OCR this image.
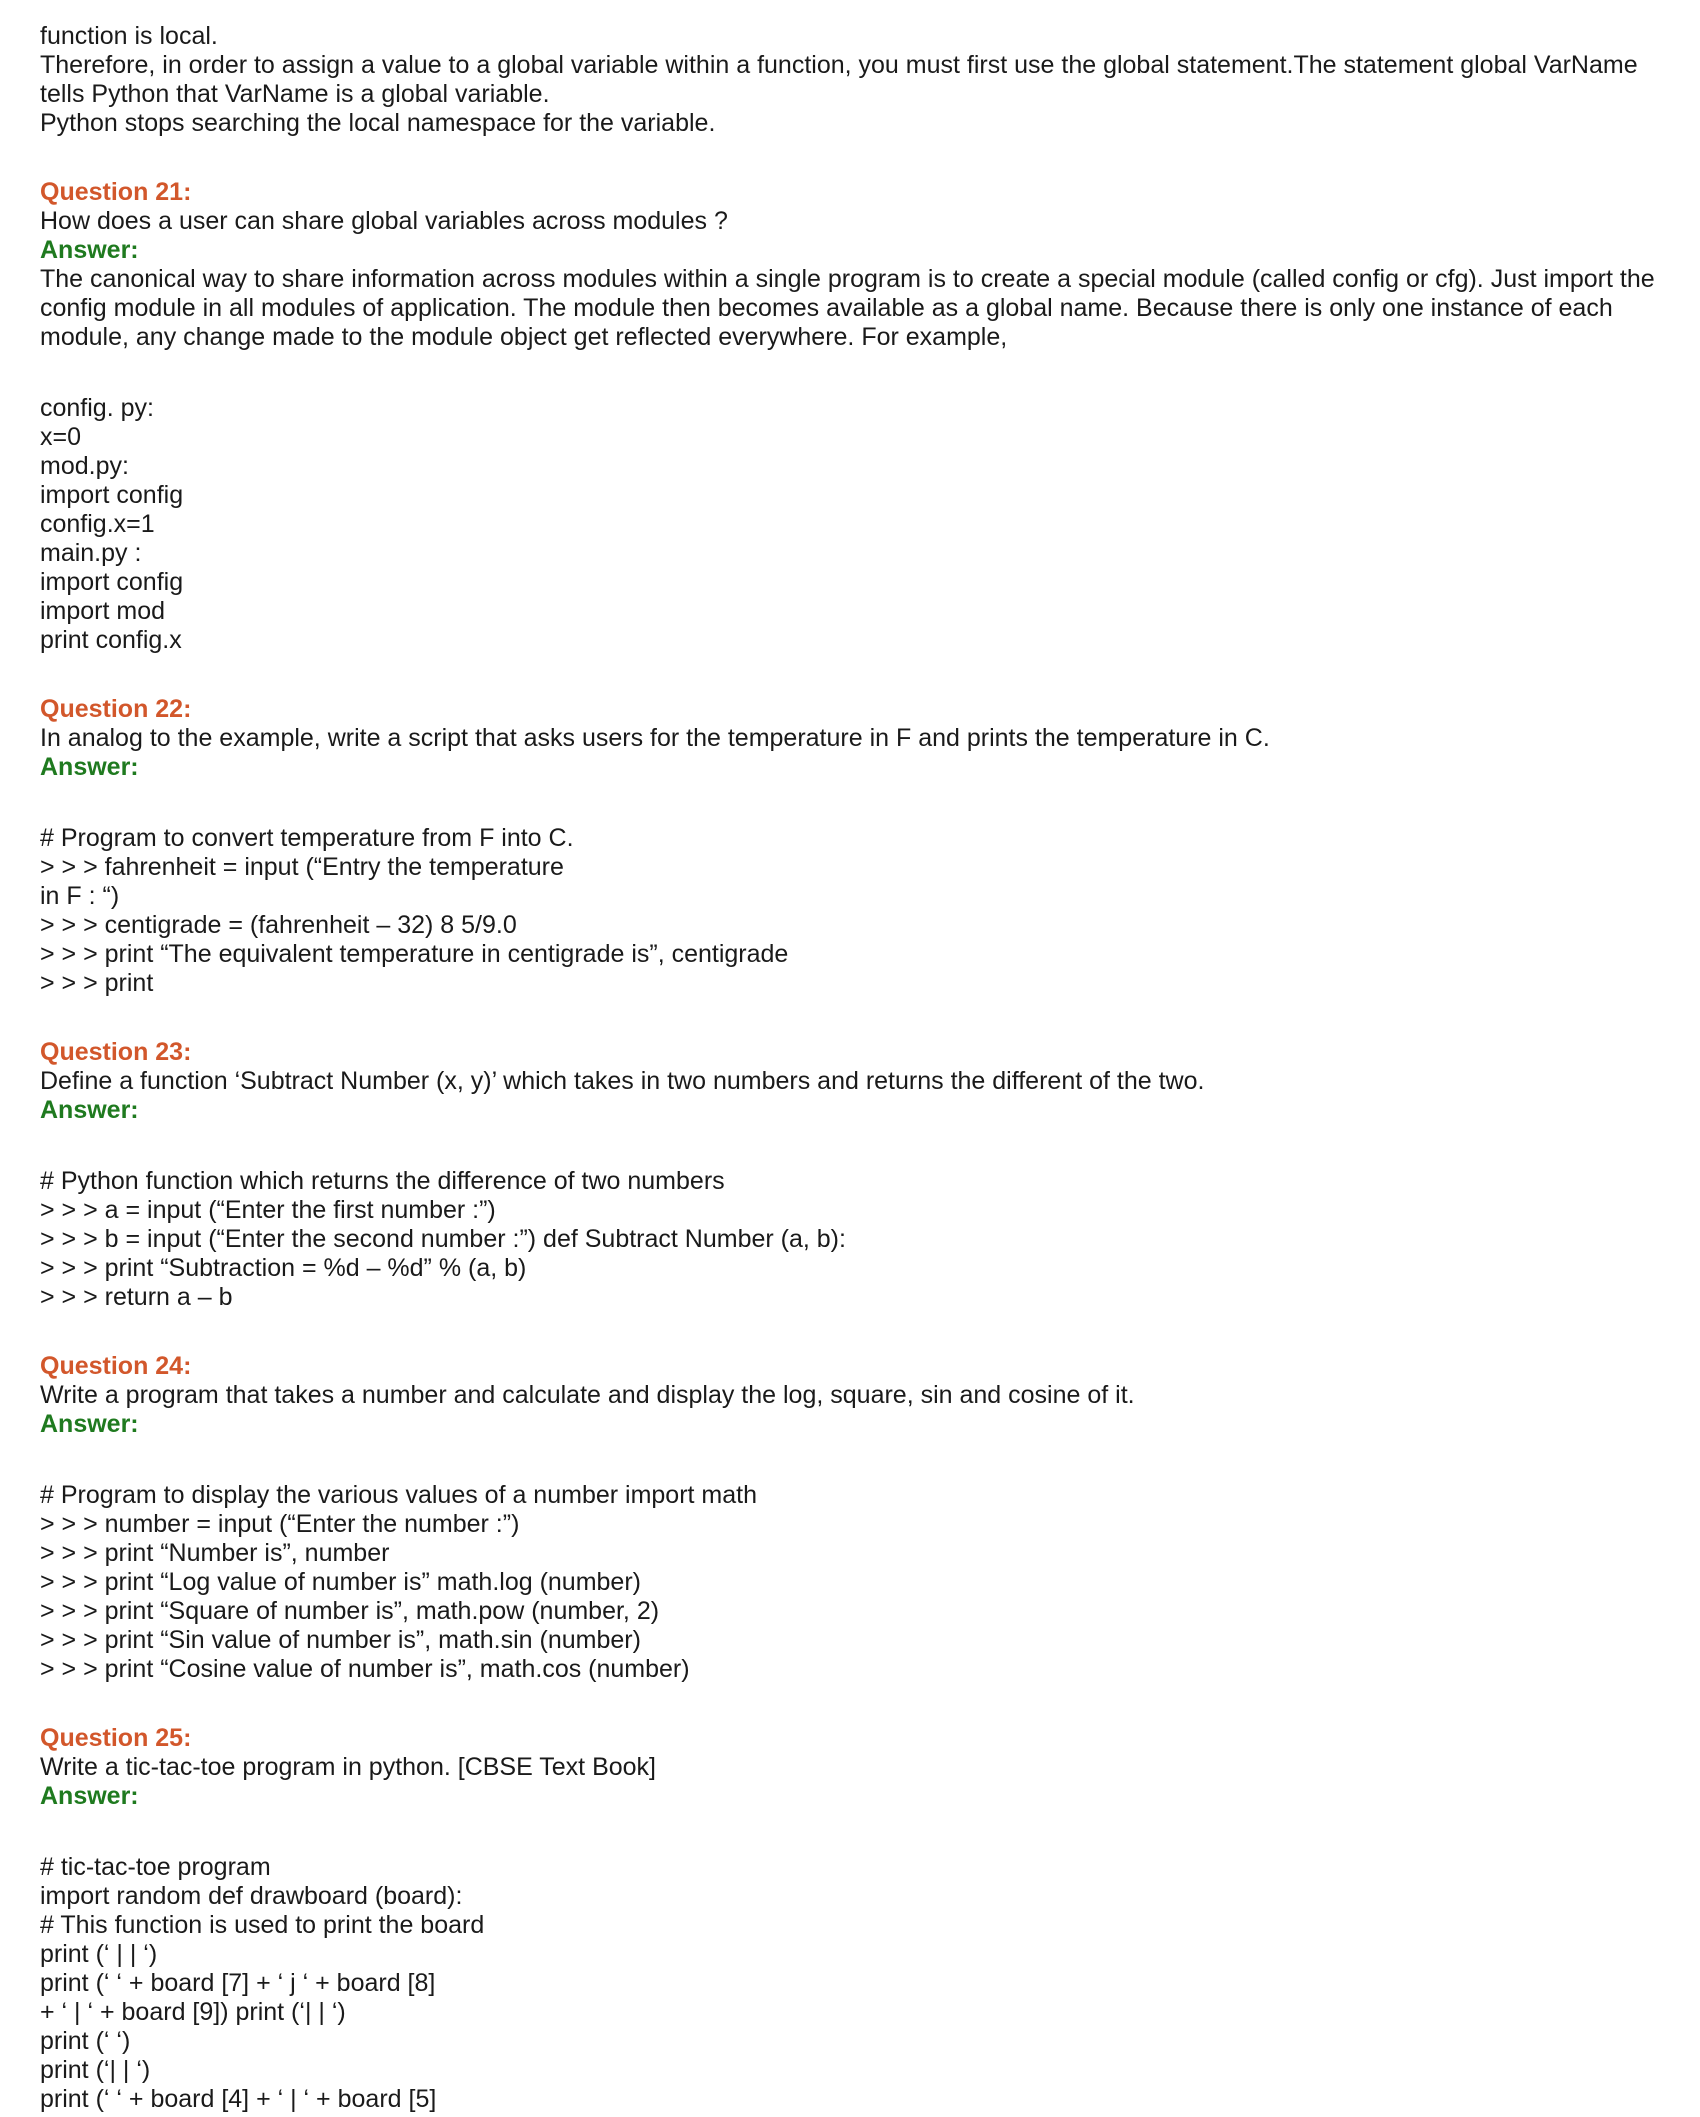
function is local.

Therefore, in order to assign a value to a global variable within a function, you must first use the global statement.The statement global VarName

tells Python that VarName is a global variable.

Python stops searching the local namespace for the variable.

Question 21:

How does a user can share global variables across modules ?

Answer:

The canonical way to share information across modules within a single program is to create a special module (called config or cfg). Just import the

config module in all modules of application. The module then becomes available as a global name. Because there is only one instance of each

module, any change made to the module object get reflected everywhere. For example,

config. py:

x=0

mod.py:

import config

config.x=1

main.py :

import config

import mod

print config.x

Question 22:

In analog to the example, write a script that asks users for the temperature in F and prints the temperature in C.

Answer:

# Program to convert temperature from F into C.

> > > fahrenheit = input (“Entry the temperature

in F : “)

> > > centigrade = (fahrenheit – 32) 8 5/9.0

> > > print “The equivalent temperature in centigrade is”, centigrade

> > > print

Question 23:

Define a function ‘Subtract Number (x, y)’ which takes in two numbers and returns the different of the two.

Answer:

# Python function which returns the difference of two numbers

> > > a = input (“Enter the first number :”)

> > > b = input (“Enter the second number :”) def Subtract Number (a, b):

> > > print “Subtraction = %d – %d” % (a, b)

> > > return a – b

Question 24:

Write a program that takes a number and calculate and display the log, square, sin and cosine of it.

Answer:

# Program to display the various values of a number import math

> > > number = input (“Enter the number :”)

> > > print “Number is”, number

> > > print “Log value of number is” math.log (number)

> > > print “Square of number is”, math.pow (number, 2)

> > > print “Sin value of number is”, math.sin (number)

> > > print “Cosine value of number is”, math.cos (number)

Question 25:

Write a tic-tac-toe program in python. [CBSE Text Book]

Answer:

# tic-tac-toe program

import random def drawboard (board):

# This function is used to print the board

print (‘ | | ‘)

print (‘ ‘ + board [7] + ‘ j ‘ + board [8]

+ ‘ | ‘ + board [9]) print (‘| | ‘)

print (‘ ‘)

print (‘| | ‘)

print (‘ ‘ + board [4] + ‘ | ‘ + board [5]
